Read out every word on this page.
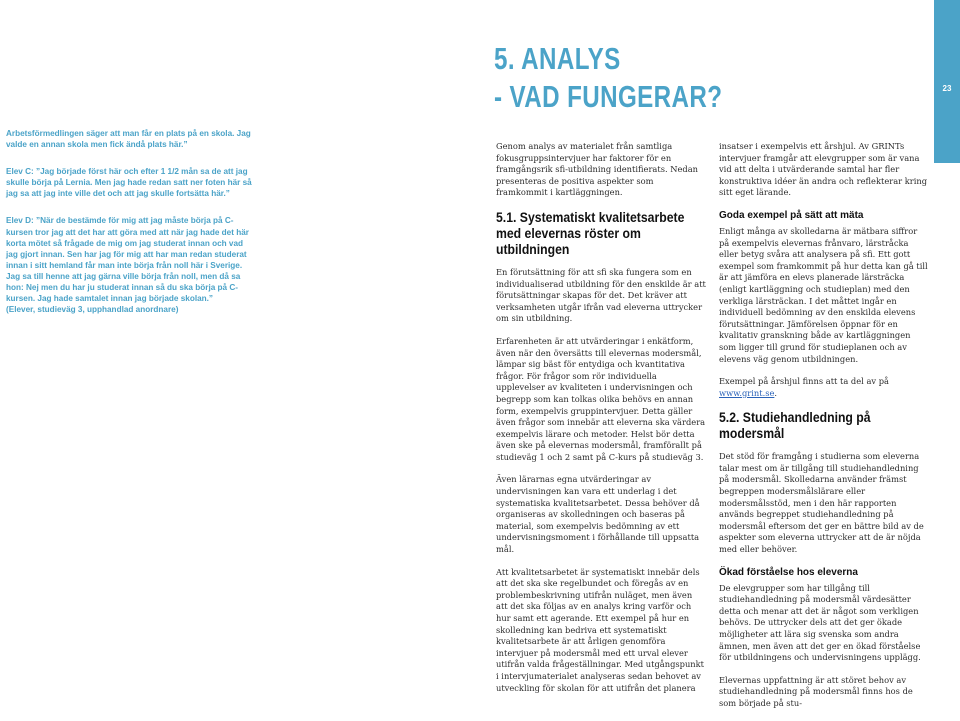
5. ANALYS
- VAD FUNGERAR?	23

Arbetsförmedlingen säger att man får en plats på en skola. Jag valde en annan skola men fick ändå plats här.”

Elev C: ”Jag började först här och efter 1 1/2 mån sa de att jag skulle börja på Lernia. Men jag hade redan satt ner foten här så jag sa att jag inte ville det och att jag skulle fortsätta här.”

Elev D: ”När de bestämde för mig att jag måste börja på C-kursen tror jag att det har att göra med att när jag hade det här korta mötet så frågade de mig om jag studerat innan och vad jag gjort innan. Sen har jag för mig att har man redan studerat innan i sitt hemland får man inte börja från noll här i Sverige. Jag sa till henne att jag gärna ville börja från noll, men då sa hon: Nej men du har ju studerat innan så du ska börja på C-kursen. Jag hade samtalet innan jag började skolan.”

(Elever, studieväg 3, upphandlad anordnare)

Genom analys av materialet från samtliga fokusgruppsintervjuer har faktorer för en framgångsrik sfi-utbildning identifierats. Nedan presenteras de positiva aspekter som framkommit i kartläggningen.

5.1. Systematiskt kvalitetsarbete med elevernas röster om utbildningen

En förutsättning för att sfi ska fungera som en individualiserad utbildning för den enskilde är att förutsättningar skapas för det. Det kräver att verksamheten utgår ifrån vad eleverna uttrycker om sin utbildning.

Erfarenheten är att utvärderingar i enkätform, även när den översätts till elevernas modersmål, lämpar sig bäst för entydiga och kvantitativa frågor. För frågor som rör individuella upplevelser av kvaliteten i undervisningen och begrepp som kan tolkas olika behövs en annan form, exempelvis gruppintervjuer. Detta gäller även frågor som innebär att eleverna ska värdera exempelvis lärare och metoder. Helst bör detta även ske på elevernas modersmål, framförallt på studieväg 1 och 2 samt på C-kurs på studieväg 3.

Även lärarnas egna utvärderingar av undervisningen kan vara ett underlag i det systematiska kvalitetsarbetet. Dessa behöver då organiseras av skolledningen och baseras på material, som exempelvis bedömning av ett undervisningsmoment i förhållande till uppsatta mål.

Att kvalitetsarbetet är systematiskt innebär dels att det ska ske regelbundet och föregås av en problembeskrivning utifrån nuläget, men även att det ska följas av en analys kring varför och hur samt ett agerande. Ett exempel på hur en skolledning kan bedriva ett systematiskt kvalitetsarbete är att årligen genomföra intervjuer på modersmål med ett urval elever utifrån valda frågeställningar. Med utgångspunkt i intervjumaterialet analyseras sedan behovet av utveckling för skolan för att utifrån det planera

insatser i exempelvis ett årshjul. Av GRINTs intervjuer framgår att elevgrupper som är vana vid att delta i utvärderande samtal har fler konstruktiva idéer än andra och reflekterar kring sitt eget lärande.

Goda exempel på sätt att mäta

Enligt många av skolledarna är mätbara siffror på exempelvis elevernas frånvaro, lärstråcka eller betyg svåra att analysera på sfi. Ett gott exempel som framkommit på hur detta kan gå till är att jämföra en elevs planerade lärsträcka (enligt kartläggning och studieplan) med den verkliga lärsträckan. I det måttet ingår en individuell bedömning av den enskilda elevens förutsättningar. Jämförelsen öppnar för en kvalitativ granskning både av kartläggningen som ligger till grund för studieplanen och av elevens väg genom utbildningen.

Exempel på årshjul finns att ta del av på www.grint.se.

5.2. Studiehandledning på modersmål

Det stöd för framgång i studierna som eleverna talar mest om är tillgång till studiehandledning på modersmål. Skolledarna använder främst begreppen modersmålslärare eller modersmålsstöd, men i den här rapporten används begreppet studiehandledning på modersmål eftersom det ger en bättre bild av de aspekter som eleverna uttrycker att de är nöjda med eller behöver.

Ökad förståelse hos eleverna

De elevgrupper som har tillgång till studiehandledning på modersmål värdesätter detta och menar att det är något som verkligen behövs. De uttrycker dels att det ger ökade möjligheter att lära sig svenska som andra ämnen, men även att det ger en ökad förståelse för utbildningens och undervisningens upplägg.

Elevernas uppfattning är att störet behov av studiehandledning på modersmål finns hos de som började på stu-
